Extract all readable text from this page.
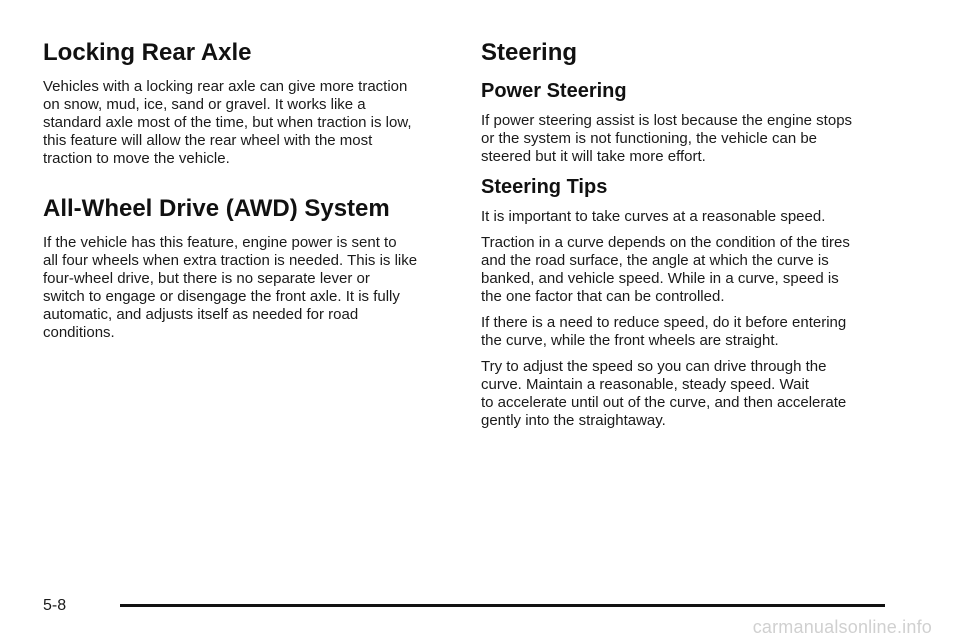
Locking Rear Axle

Vehicles with a locking rear axle can give more traction
on snow, mud, ice, sand or gravel. It works like a
standard axle most of the time, but when traction is low,
this feature will allow the rear wheel with the most
traction to move the vehicle.

All-Wheel Drive (AWD) System

If the vehicle has this feature, engine power is sent to
all four wheels when extra traction is needed. This is like
four-wheel drive, but there is no separate lever or
switch to engage or disengage the front axle. It is fully
automatic, and adjusts itself as needed for road
conditions.

Steering
Power Steering

If power steering assist is lost because the engine stops
or the system is not functioning, the vehicle can be
steered but it will take more effort.

Steering Tips

It is important to take curves at a reasonable speed.

Traction in a curve depends on the condition of the tires
and the road surface, the angle at which the curve is
banked, and vehicle speed. While in a curve, speed is
the one factor that can be controlled.

If there is a need to reduce speed, do it before entering
the curve, while the front wheels are straight.

Try to adjust the speed so you can drive through the
curve. Maintain a reasonable, steady speed. Wait
to accelerate until out of the curve, and then accelerate
gently into the straightaway.

5-8
carmanualsonline.info
